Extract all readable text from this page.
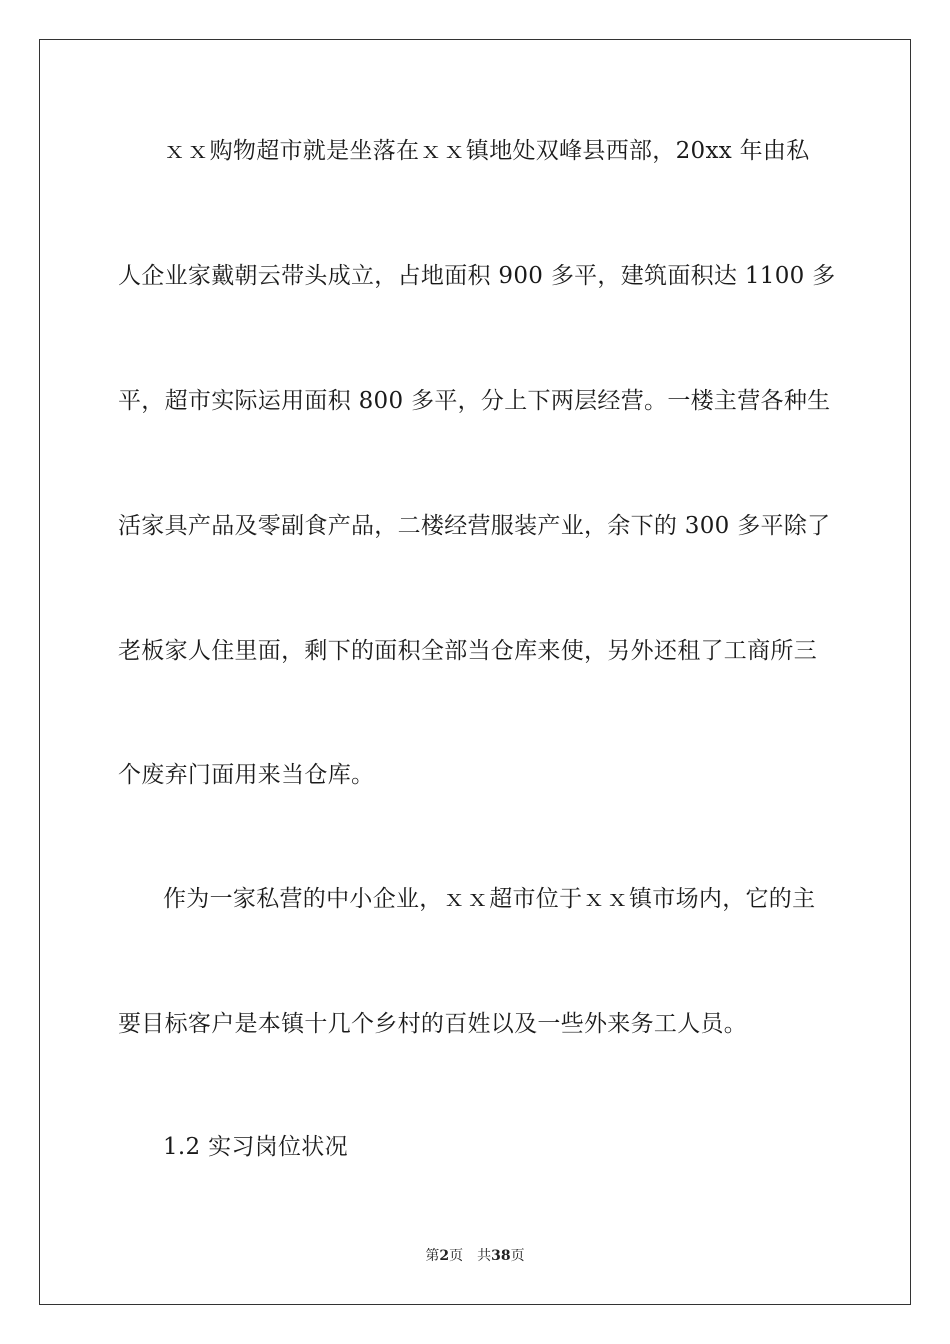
ｘｘ购物超市就是坐落在ｘｘ镇地处双峰县西部，20xx 年由私
人企业家戴朝云带头成立，占地面积 900 多平，建筑面积达 1100 多
平，超市实际运用面积 800 多平，分上下两层经营。一楼主营各种生
活家具产品及零副食产品，二楼经营服装产业，余下的 300 多平除了
老板家人住里面，剩下的面积全部当仓库来使，另外还租了工商所三
个废弃门面用来当仓库。
作为一家私营的中小企业，ｘｘ超市位于ｘｘ镇市场内，它的主
要目标客户是本镇十几个乡村的百姓以及一些外来务工人员。
1.2 实习岗位状况
第2页　共38页
